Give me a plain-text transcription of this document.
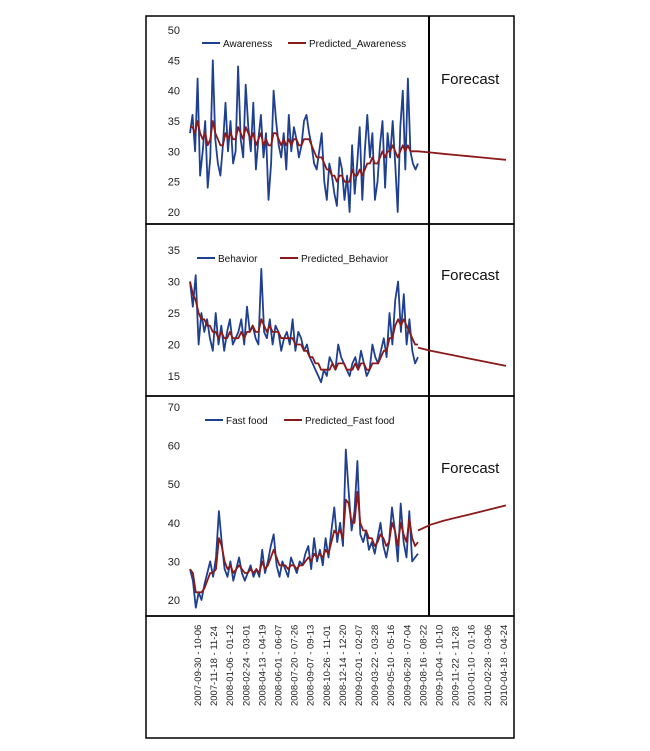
Awareness	Predicted_Awareness
Behavior	Predicted_Behavior
Fast food	Predicted_Fast food
Forecast
Forecast
Forecast
20
25
30
35
40
45
50
15
20
25
30
35
20
30
40
50
60
70
2007-09-30 - 10-06 2007-11-18 - 11-24 2008-01-06 - 01-12 2008-02-24 - 03-01 2008-04-13 - 04-19 2008-06-01 - 06-07 2008-07-20 - 07-26 2008-09-07 - 09-13 2008-10-26 - 11-01 2008-12-14 - 12-20 2009-02-01 - 02-07 2009-03-22 - 03-28 2009-05-10 - 05-16 2009-06-28 - 07-04 2009-08-16 - 08-22 2009-10-04 - 10-10 2009-11-22 - 11-28 2010-01-10 - 01-16 2010-02-28 - 03-06 2010-04-18 - 04-24
